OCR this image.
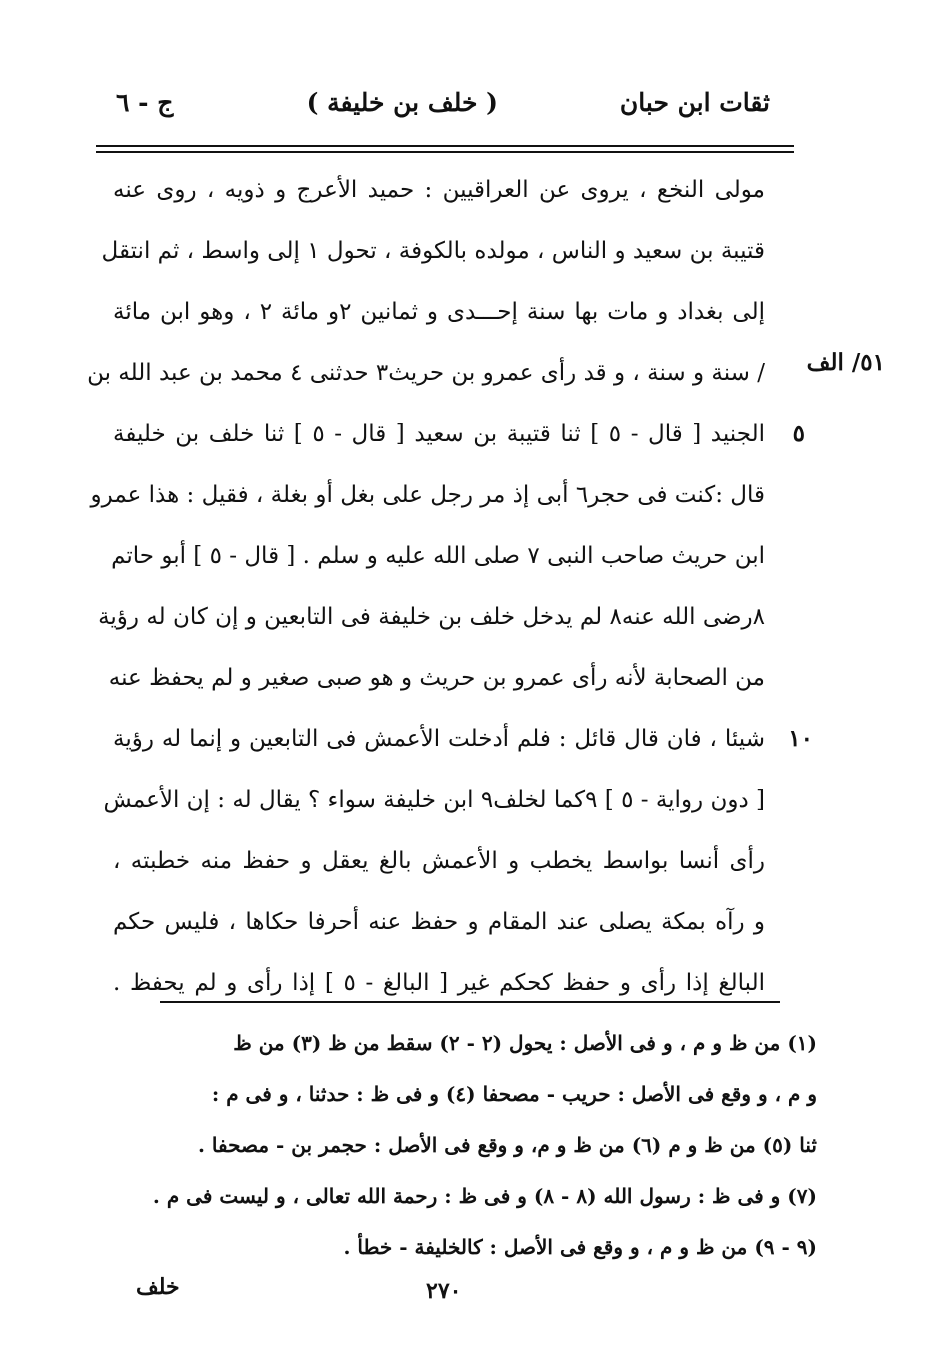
ثقات ابن حبان
( خلف بن خليفة )
ج - ٦
٥١/ الف
٥
١٠
مولى النخع ، يروى عن العراقيين : حميد الأعرج و ذويه ، روى عنه
قتيبة بن سعيد و الناس ، مولده بالكوفة ، تحول ١ إلى واسط ، ثم انتقل
إلى بغداد و مات بها سنة إحـــدى و ثمانين ٢و مائة ٢ ، وهو ابن مائة
/ سنة و سنة ، و قد رأى عمرو بن حريث٣ حدثنى ٤ محمد بن عبد الله بن
الجنيد [ قال - ٥ ] ثنا قتيبة بن سعيد [ قال - ٥ ] ثنا خلف بن خليفة
قال :كنت فى حجر٦ أبى إذ مر رجل على بغل أو بغلة ، فقيل : هذا عمرو
ابن حريث صاحب النبى ٧ صلى الله عليه و سلم . [ قال - ٥ ] أبو حاتم
٨رضى الله عنه٨ لم يدخل خلف بن خليفة فى التابعين و إن كان له رؤية
من الصحابة لأنه رأى عمرو بن حريث و هو صبى صغير و لم يحفظ عنه
شيئا ، فان قال قائل : فلم أدخلت الأعمش فى التابعين و إنما له رؤية
[ دون رواية - ٥ ] ٩كما لخلف٩ ابن خليفة سواء ؟ يقال له : إن الأعمش
رأى أنسا بواسط يخطب و الأعمش بالغ يعقل و حفظ منه خطبته ،
و رآه بمكة يصلى عند المقام و حفظ عنه أحرفا حكاها ، فليس حكم
البالغ إذا رأى و حفظ كحكم غير [ البالغ - ٥ ] إذا رأى و لم يحفظ .
(١) من ظ و م ، و فى الأصل : يحول (٢ - ٢) سقط من ظ (٣) من ظ
و م ، و وقع فى الأصل : حريب - مصحفا (٤) و فى ظ : حدثنا ، و فى م :
ثنا (٥) من ظ و م (٦) من ظ و م، و وقع فى الأصل : حجمر بن - مصحفا .
(٧) و فى ظ : رسول الله (٨ - ٨) و فى ظ : رحمة الله تعالى ، و ليست فى م .
(٩ - ٩) من ظ و م ، و وقع فى الأصل : كالخليفة - خطأ .
خلف	٢٧٠
